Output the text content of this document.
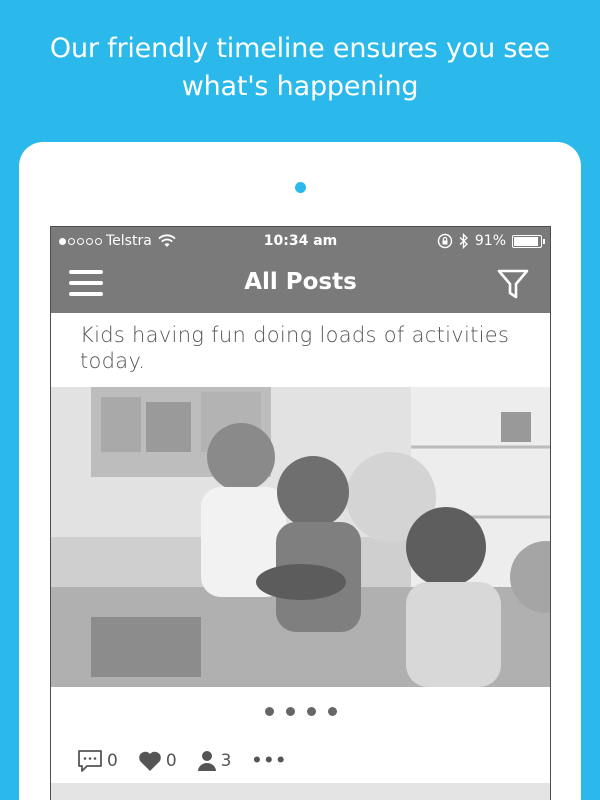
Our friendly timeline ensures you see
what's happening
Telstra	10:34 am	91%
All Posts
Kids having fun doing loads of activities today.
0	0	3 •••
